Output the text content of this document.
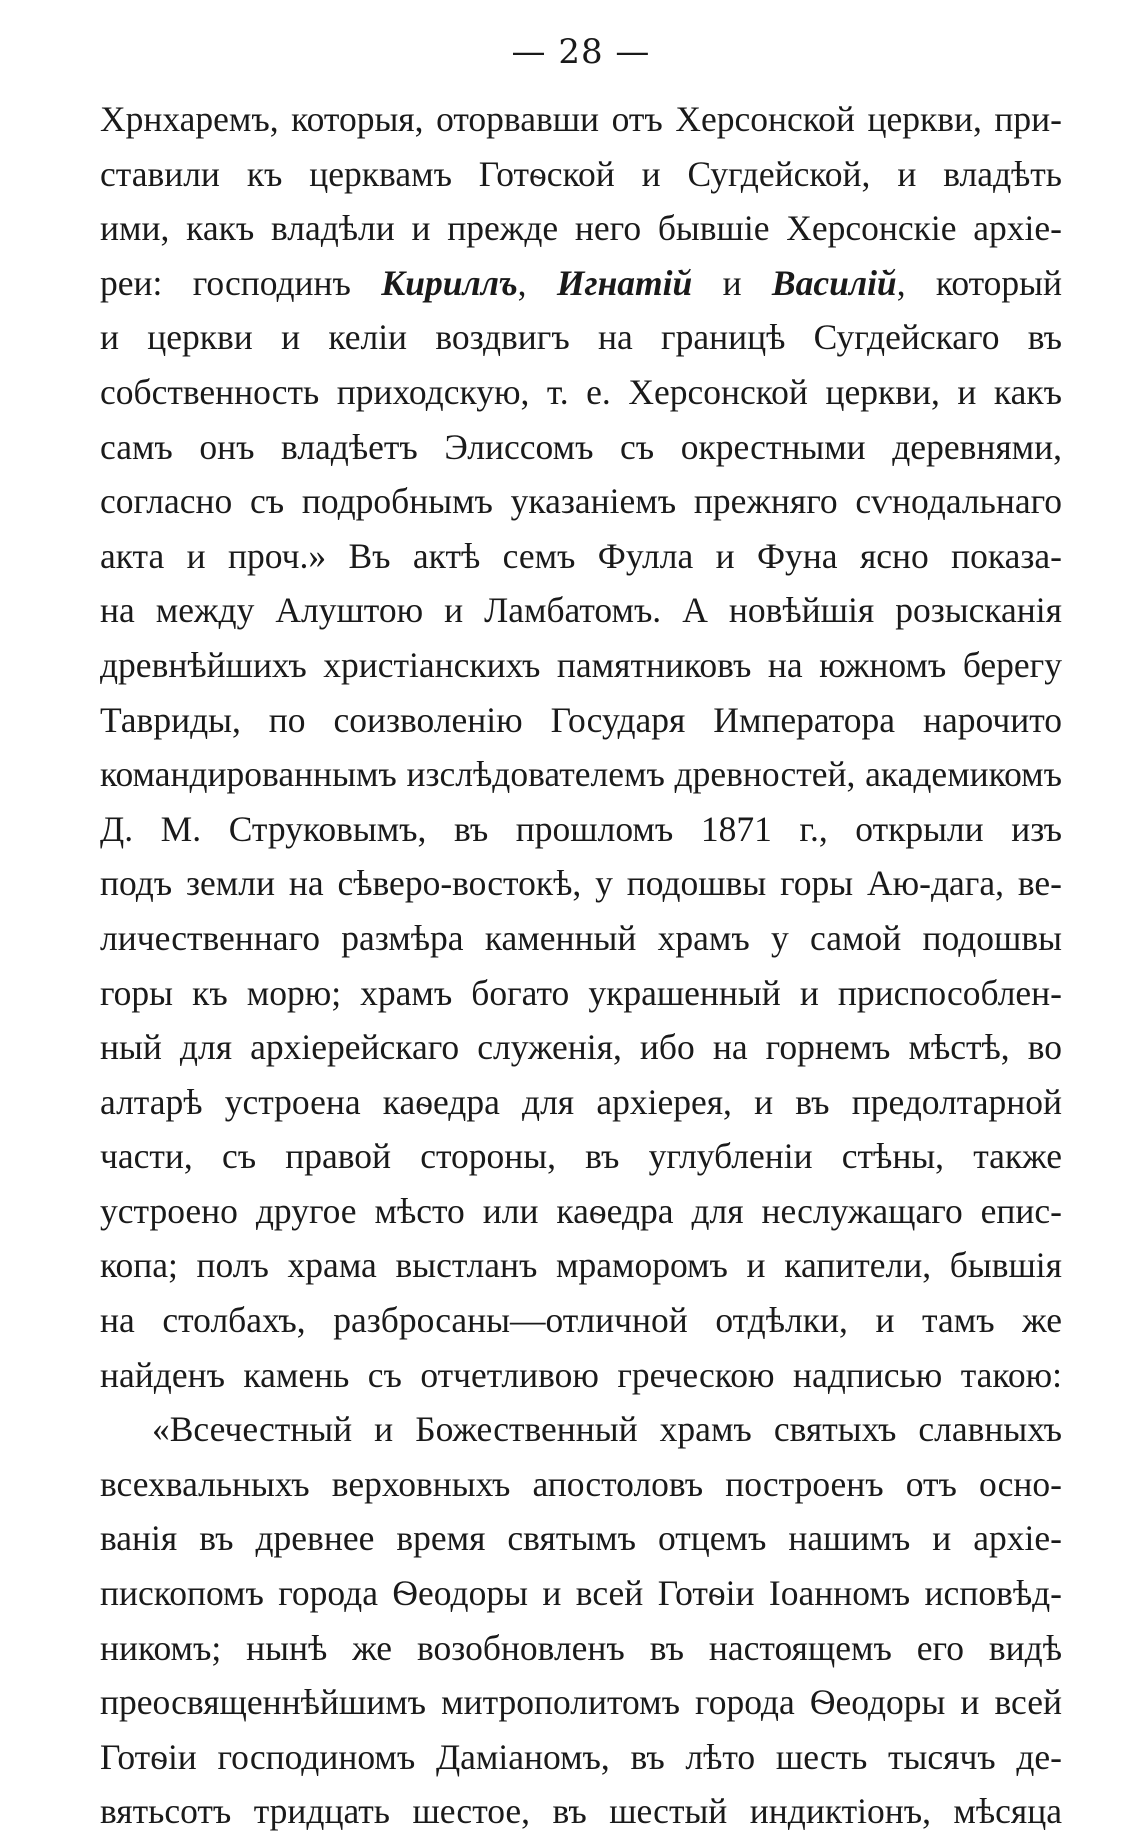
— 28 —
Хрнхаремъ, которыя, оторвавши отъ Херсонской церкви, при-
ставили къ церквамъ Готѳской и Сугдейской, и владѣть
ими, какъ владѣли и прежде него бывшіе Херсонскіе архіе-
реи: господинъ Кириллъ, Игнатій и Василій, который
и церкви и келіи воздвигъ на границѣ Сугдейскаго въ
собственность приходскую, т. е. Херсонской церкви, и какъ
самъ онъ владѣетъ Элиссомъ съ окрестными деревнями,
согласно съ подробнымъ указаніемъ прежняго сѵнодальнаго
акта и проч.» Въ актѣ семъ Фулла и Фуна ясно показа-
на между Алуштою и Ламбатомъ. А новѣйшія розысканія
древнѣйшихъ христіанскихъ памятниковъ на южномъ берегу
Тавриды, по соизволенію Государя Императора нарочито
командированнымъ изслѣдователемъ древностей, академикомъ
Д. М. Струковымъ, въ прошломъ 1871 г., открыли изъ
подъ земли на сѣверо-востокѣ, у подошвы горы Аю-дага, ве-
личественнаго размѣра каменный храмъ у самой подошвы
горы къ морю; храмъ богато украшенный и приспособлен-
ный для архіерейскаго служенія, ибо на горнемъ мѣстѣ, во
алтарѣ устроена каѳедра для архіерея, и въ предолтарной
части, съ правой стороны, въ углубленіи стѣны, также
устроено другое мѣсто или каѳедра для неслужащаго епис-
копа; полъ храма выстланъ мраморомъ и капители, бывшія
на столбахъ, разбросаны—отличной отдѣлки, и тамъ же
найденъ камень съ отчетливою греческою надписью такою:
«Всечестный и Божественный храмъ святыхъ славныхъ
всехвальныхъ верховныхъ апостоловъ построенъ отъ осно-
ванія въ древнее время святымъ отцемъ нашимъ и архіе-
пископомъ города Ѳеодоры и всей Готѳіи Іоанномъ исповѣд-
никомъ; нынѣ же возобновленъ въ настоящемъ его видѣ
преосвященнѣйшимъ митрополитомъ города Ѳеодоры и всей
Готѳіи господиномъ Даміаномъ, въ лѣто шесть тысячъ де-
вятьсотъ тридцать шестое, въ шестый индиктіонъ, мѣсяца
